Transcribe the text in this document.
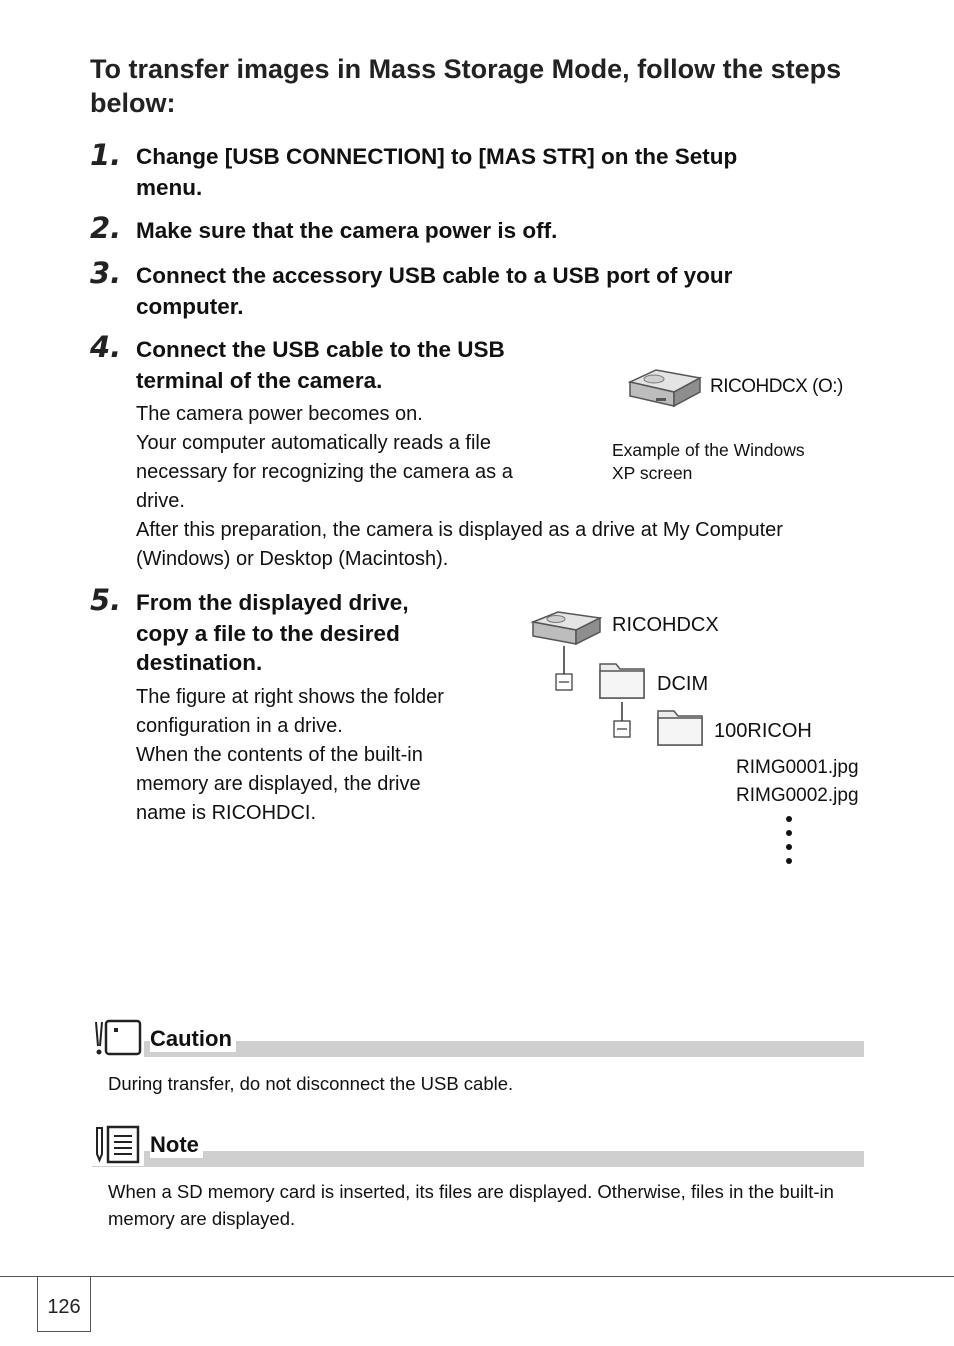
To transfer images in Mass Storage Mode, follow the steps below:
1. Change [USB CONNECTION] to [MAS STR] on the Setup
menu.
2. Make sure that the camera power is off.
3. Connect the accessory USB cable to a USB port of your
computer.
4. Connect the USB cable to the USB
terminal of the camera.

The camera power becomes on.

Your computer automatically reads a file

necessary for recognizing the camera as a

drive.

After this preparation, the camera is displayed as a drive at My Computer

(Windows) or Desktop (Macintosh).

RICOHDCX (O:)
Example of the Windows
XP screen
5. From the displayed drive,
copy a file to the desired
destination.

The figure at right shows the folder

configuration in a drive.

When the contents of the built-in

memory are displayed, the drive

name is RICOHDCI.

RICOHDCX
DCIM
100RICOH
RIMG0001.jpg
RIMG0002.jpg
Caution
During transfer, do not disconnect the USB cable.
Note
When a SD memory card is inserted, its files are displayed. Otherwise, files in the built-in
memory are displayed.
126
